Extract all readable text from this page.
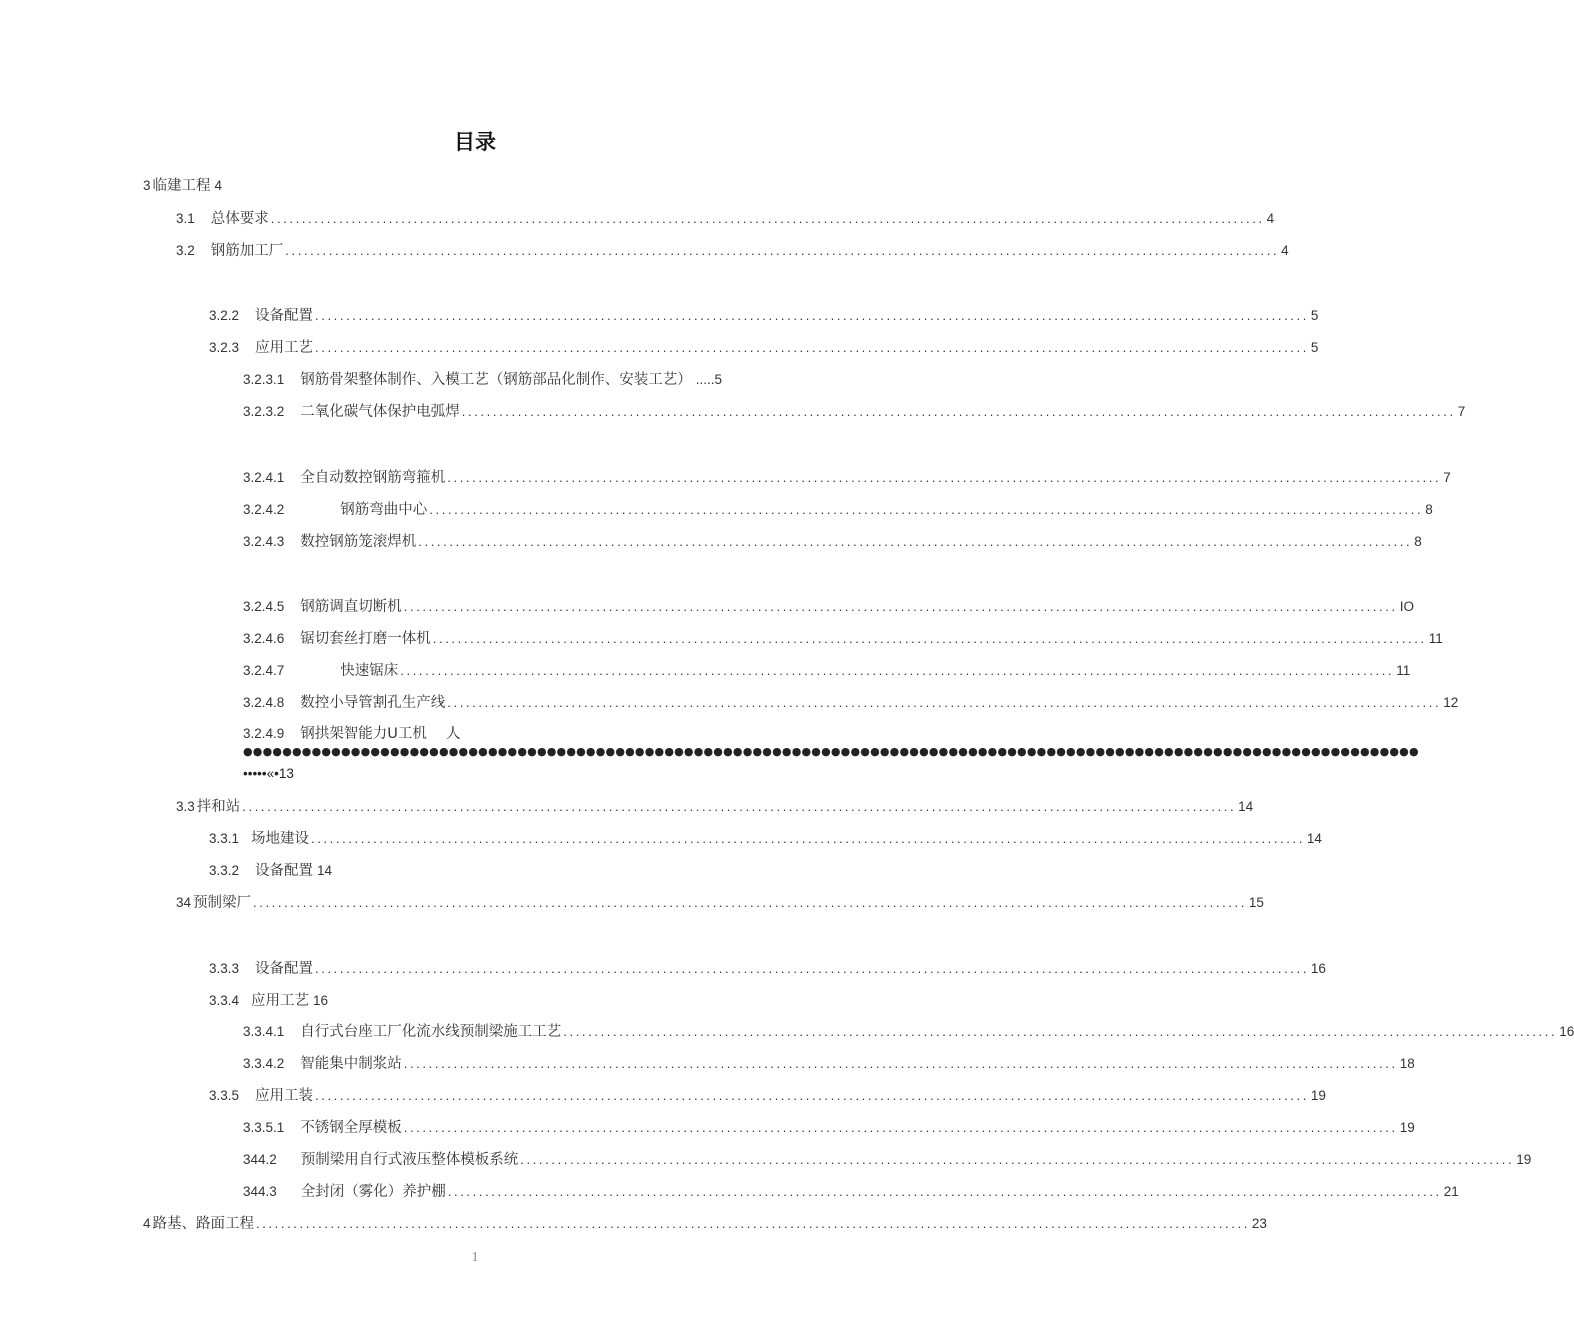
目录
3 临建工程 4
3.1 总体要求 ................................................................................................................................................................ 4
3.2 钢筋加工厂 ................................................................................................................................................................ 4
3.2.2 设备配置 ................................................................................................................................................................ 5
3.2.3 应用工艺 ................................................................................................................................................................ 5
3.2.3.1 钢筋骨架整体制作、入模工艺（钢筋部品化制作、安装工艺） .....5
3.2.3.2 二氧化碳气体保护电弧焊 ................................................................................................................................................................ 7
3.2.4.1 全自动数控钢筋弯箍机 ................................................................................................................................................................ 7
3.2.4.2	钢筋弯曲中心 ................................................................................................................................................................ 8
3.2.4.3 数控钢筋笼滚焊机 ................................................................................................................................................................ 8
3.2.4.5 钢筋调直切断机 ................................................................................................................................................................ IO
3.2.4.6 锯切套丝打磨一体机 ................................................................................................................................................................ 11
3.2.4.7	快速锯床 ................................................................................................................................................................ 11
3.2.4.8 数控小导管割孔生产线 ................................................................................................................................................................ 12
3.2.4.9 钢拱架智能力U工机　 人
3.3 拌和站 ................................................................................................................................................................ 14
3.3.1 场地建设 ................................................................................................................................................................ 14
3.3.2 设备配置 14
34 预制梁厂 ................................................................................................................................................................ 15
3.3.3 设备配置 ................................................................................................................................................................ 16
3.3.4 应用工艺 16
3.3.4.1 自行式台座工厂化流水线预制梁施工工艺 ................................................................................................................................................................ 16
3.3.4.2 智能集中制浆站 ................................................................................................................................................................ 18
3.3.5 应用工装 ................................................................................................................................................................ 19
3.3.5.1 不锈钢全厚模板 ................................................................................................................................................................ 19
344.2 预制梁用自行式液压整体模板系统 ................................................................................................................................................................ 19
344.3 全封闭（雾化）养护棚 ................................................................................................................................................................ 21
4 路基、路面工程 ................................................................................................................................................................ 23
●●●●●●●●●●●●●●●●●●●●●●●●●●●●●●●●●●●●●●●●●●●●●●●●●●●●●●●●●●●●●●●●●●●●●●●●●●●●●●●●●●●●●●●●●●●●●●●●●●●●●●●●●●●●●●●●●●●●●●●●
•••••«•13
1
